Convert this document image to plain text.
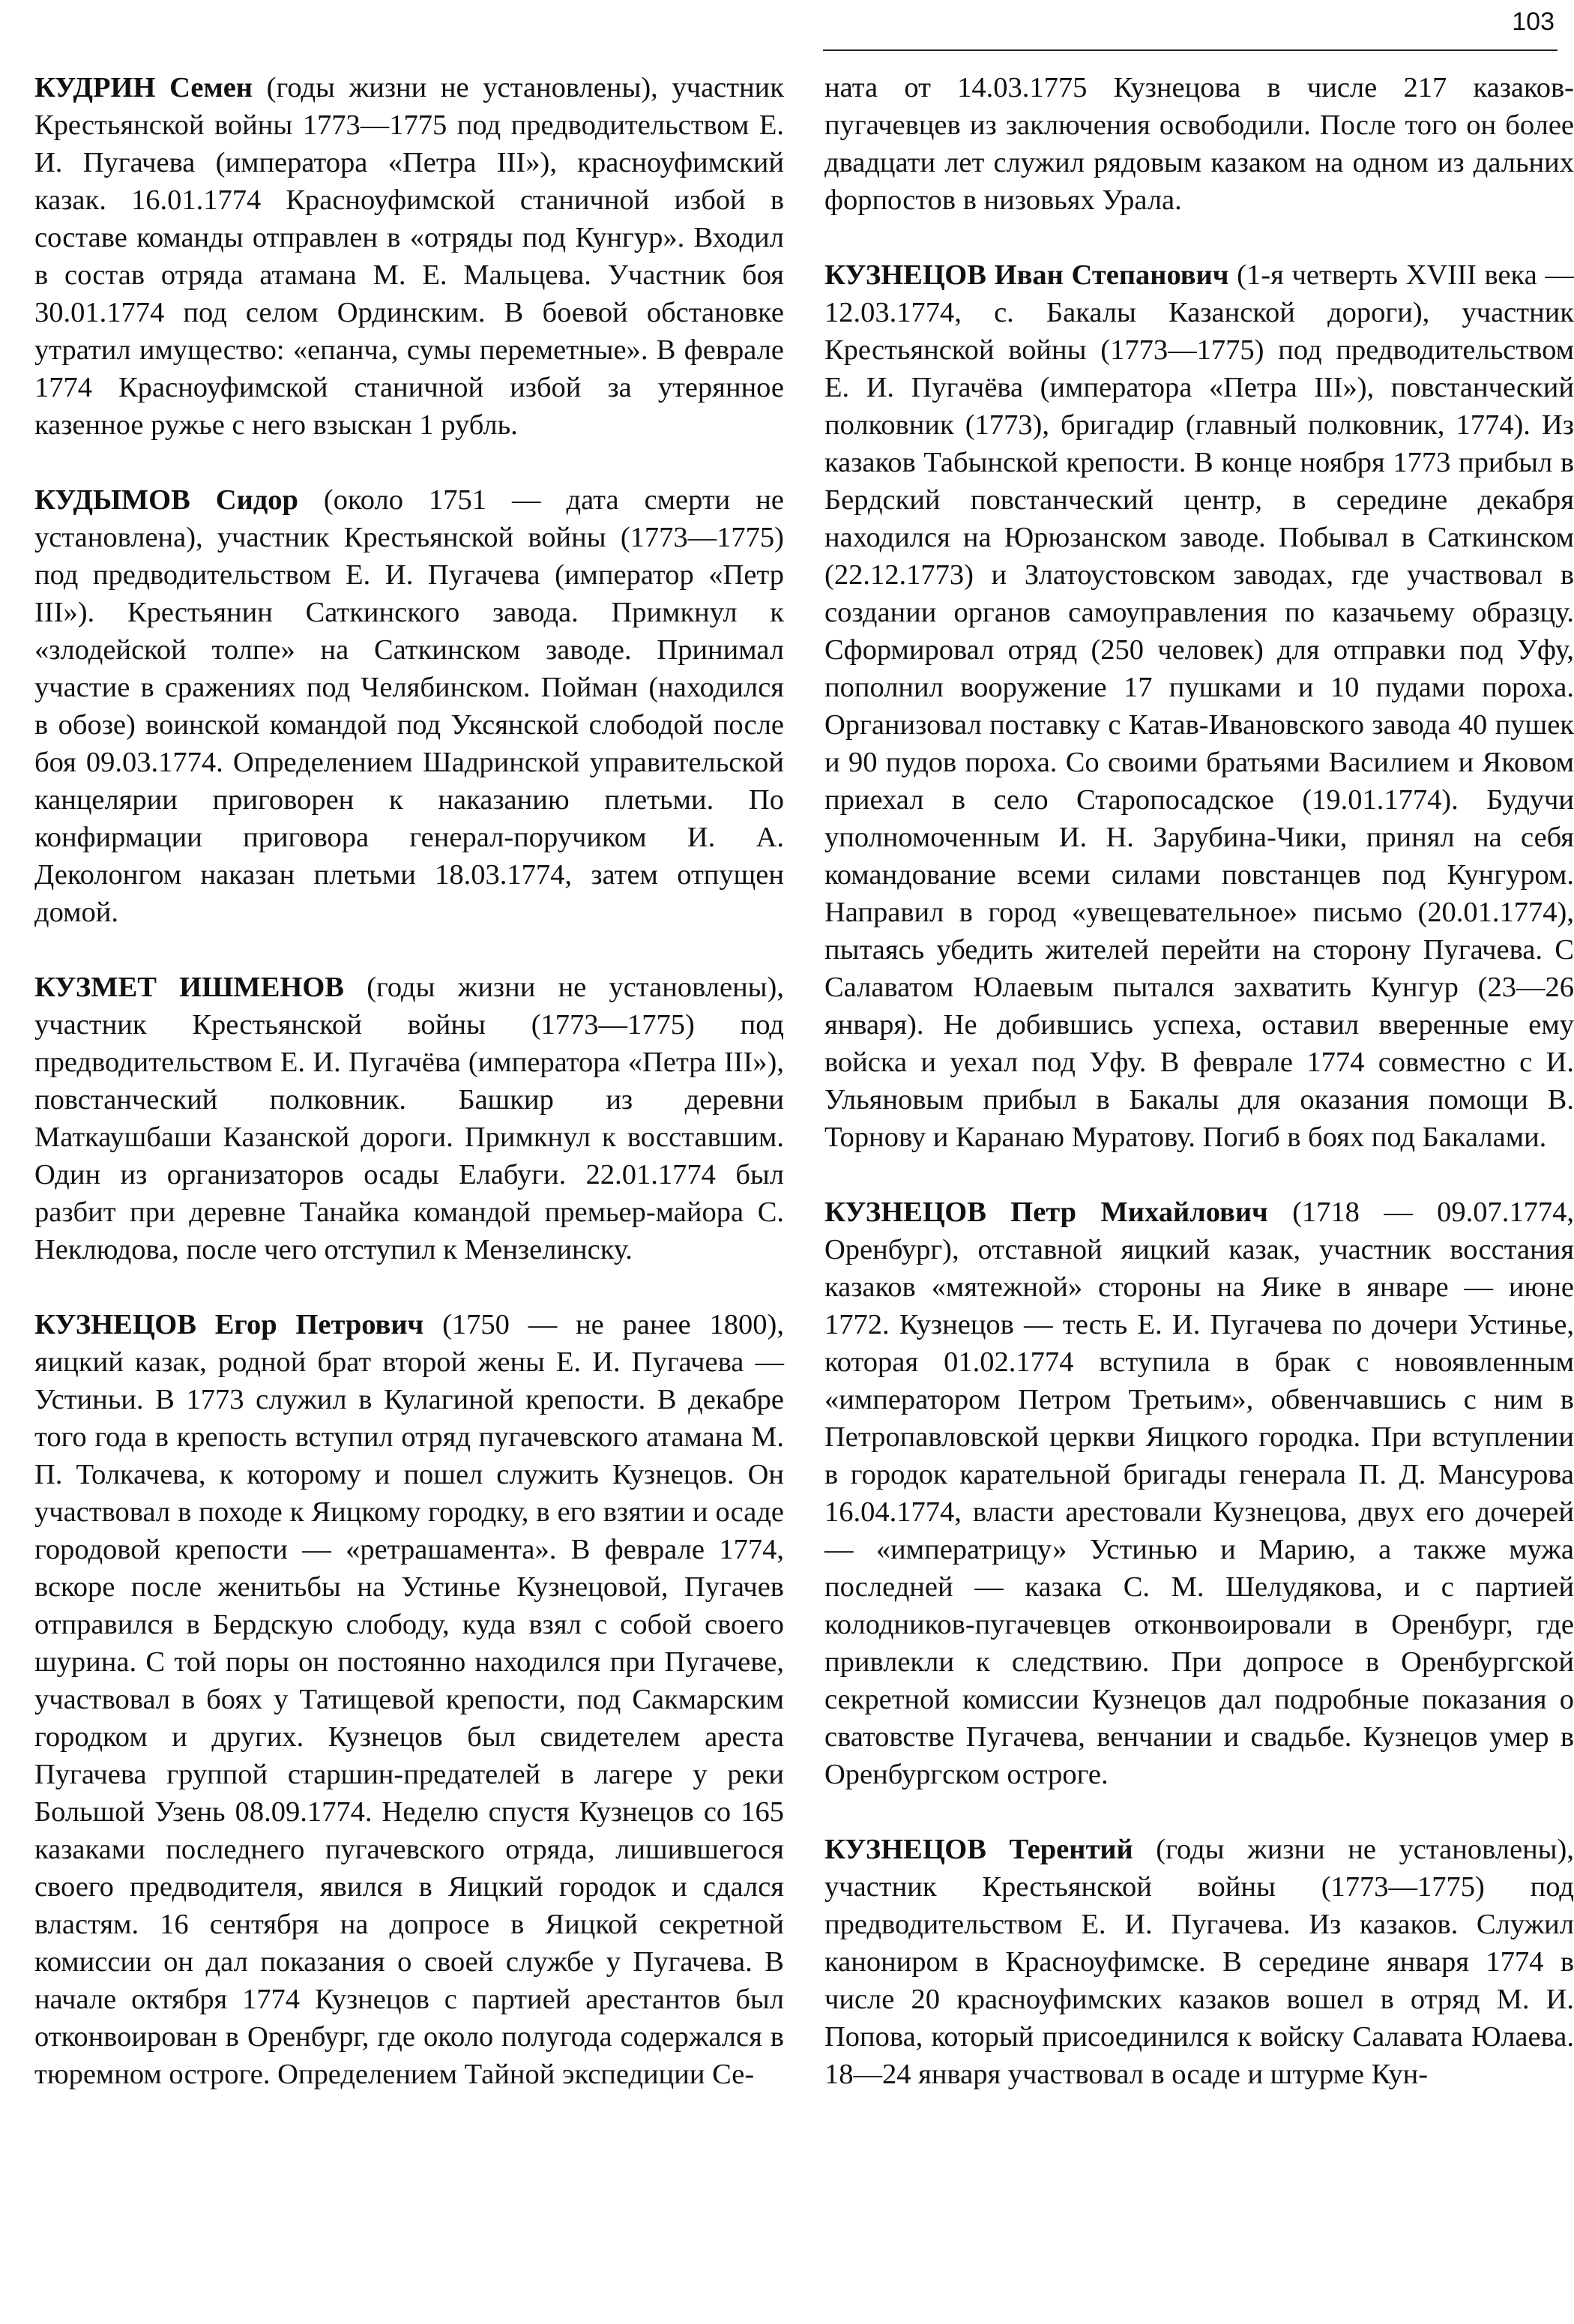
103

КУДРИН Семен (годы жизни не установлены), участник Крестьянской войны 1773—1775 под предводительством Е. И. Пугачева (императора «Петра III»), красноуфимский казак. 16.01.1774 Красноуфимской станичной избой в составе команды отправлен в «отряды под Кунгур». Входил в состав отряда атамана М. Е. Мальцева. Участник боя 30.01.1774 под селом Ординским. В боевой обстановке утратил имущество: «епанча, сумы переметные». В феврале 1774 Красноуфимской станичной избой за утерянное казенное ружье с него взыскан 1 рубль.

КУДЫМОВ Сидор (около 1751 — дата смерти не установлена), участник Крестьянской войны (1773—1775) под предводительством Е. И. Пугачева (император «Петр III»). Крестьянин Саткинского завода. Примкнул к «злодейской толпе» на Саткинском заводе. Принимал участие в сражениях под Челябинском. Пойман (находился в обозе) воинской командой под Уксянской слободой после боя 09.03.1774. Определением Шадринской управительской канцелярии приговорен к наказанию плетьми. По конфирмации приговора генерал-поручиком И. А. Деколонгом наказан плетьми 18.03.1774, затем отпущен домой.

КУЗМЕТ ИШМЕНОВ (годы жизни не установлены), участник Крестьянской войны (1773—1775) под предводительством Е. И. Пугачёва (императора «Петра III»), повстанческий полковник. Башкир из деревни Маткаушбаши Казанской дороги. Примкнул к восставшим. Один из организаторов осады Елабуги. 22.01.1774 был разбит при деревне Танайка командой премьер-майора С. Неклюдова, после чего отступил к Мензелинску.

КУЗНЕЦОВ Егор Петрович (1750 — не ранее 1800), яицкий казак, родной брат второй жены Е. И. Пугачева — Устиньи. В 1773 служил в Кулагиной крепости. В декабре того года в крепость вступил отряд пугачевского атамана М. П. Толкачева, к которому и пошел служить Кузнецов. Он участвовал в походе к Яицкому городку, в его взятии и осаде городовой крепости — «ретрашамента». В феврале 1774, вскоре после женитьбы на Устинье Кузнецовой, Пугачев отправился в Бердскую слободу, куда взял с собой своего шурина. С той поры он постоянно находился при Пугачеве, участвовал в боях у Татищевой крепости, под Сакмарским городком и других. Кузнецов был свидетелем ареста Пугачева группой старшин-предателей в лагере у реки Большой Узень 08.09.1774. Неделю спустя Кузнецов со 165 казаками последнего пугачевского отряда, лишившегося своего предводителя, явился в Яицкий городок и сдался властям. 16 сентября на допросе в Яицкой секретной комиссии он дал показания о своей службе у Пугачева. В начале октября 1774 Кузнецов с партией арестантов был отконвоирован в Оренбург, где около полугода содержался в тюремном остроге. Определением Тайной экспедиции Се-

ната от 14.03.1775 Кузнецова в числе 217 казаков-пугачевцев из заключения освободили. После того он более двадцати лет служил рядовым казаком на одном из дальних форпостов в низовьях Урала.

КУЗНЕЦОВ Иван Степанович (1-я четверть XVIII века — 12.03.1774, с. Бакалы Казанской дороги), участник Крестьянской войны (1773—1775) под предводительством Е. И. Пугачёва (императора «Петра III»), повстанческий полковник (1773), бригадир (главный полковник, 1774). Из казаков Табынской крепости. В конце ноября 1773 прибыл в Бердский повстанческий центр, в середине декабря находился на Юрюзанском заводе. Побывал в Саткинском (22.12.1773) и Златоустовском заводах, где участвовал в создании органов самоуправления по казачьему образцу. Сформировал отряд (250 человек) для отправки под Уфу, пополнил вооружение 17 пушками и 10 пудами пороха. Организовал поставку с Катав-Ивановского завода 40 пушек и 90 пудов пороха. Со своими братьями Василием и Яковом приехал в село Старопосадское (19.01.1774). Будучи уполномоченным И. Н. Зарубина-Чики, принял на себя командование всеми силами повстанцев под Кунгуром. Направил в город «увещевательное» письмо (20.01.1774), пытаясь убедить жителей перейти на сторону Пугачева. С Салаватом Юлаевым пытался захватить Кунгур (23—26 января). Не добившись успеха, оставил вверенные ему войска и уехал под Уфу. В феврале 1774 совместно с И. Ульяновым прибыл в Бакалы для оказания помощи В. Торнову и Каранаю Муратову. Погиб в боях под Бакалами.

КУЗНЕЦОВ Петр Михайлович (1718 — 09.07.1774, Оренбург), отставной яицкий казак, участник восстания казаков «мятежной» стороны на Яике в январе — июне 1772. Кузнецов — тесть Е. И. Пугачева по дочери Устинье, которая 01.02.1774 вступила в брак с новоявленным «императором Петром Третьим», обвенчавшись с ним в Петропавловской церкви Яицкого городка. При вступлении в городок карательной бригады генерала П. Д. Мансурова 16.04.1774, власти арестовали Кузнецова, двух его дочерей — «императрицу» Устинью и Марию, а также мужа последней — казака С. М. Шелудякова, и с партией колодников-пугачевцев отконвоировали в Оренбург, где привлекли к следствию. При допросе в Оренбургской секретной комиссии Кузнецов дал подробные показания о сватовстве Пугачева, венчании и свадьбе. Кузнецов умер в Оренбургском остроге.

КУЗНЕЦОВ Терентий (годы жизни не установлены), участник Крестьянской войны (1773—1775) под предводительством Е. И. Пугачева. Из казаков. Служил канониром в Красноуфимске. В середине января 1774 в числе 20 красноуфимских казаков вошел в отряд М. И. Попова, который присоединился к войску Салавата Юлаева. 18—24 января участвовал в осаде и штурме Кун-
